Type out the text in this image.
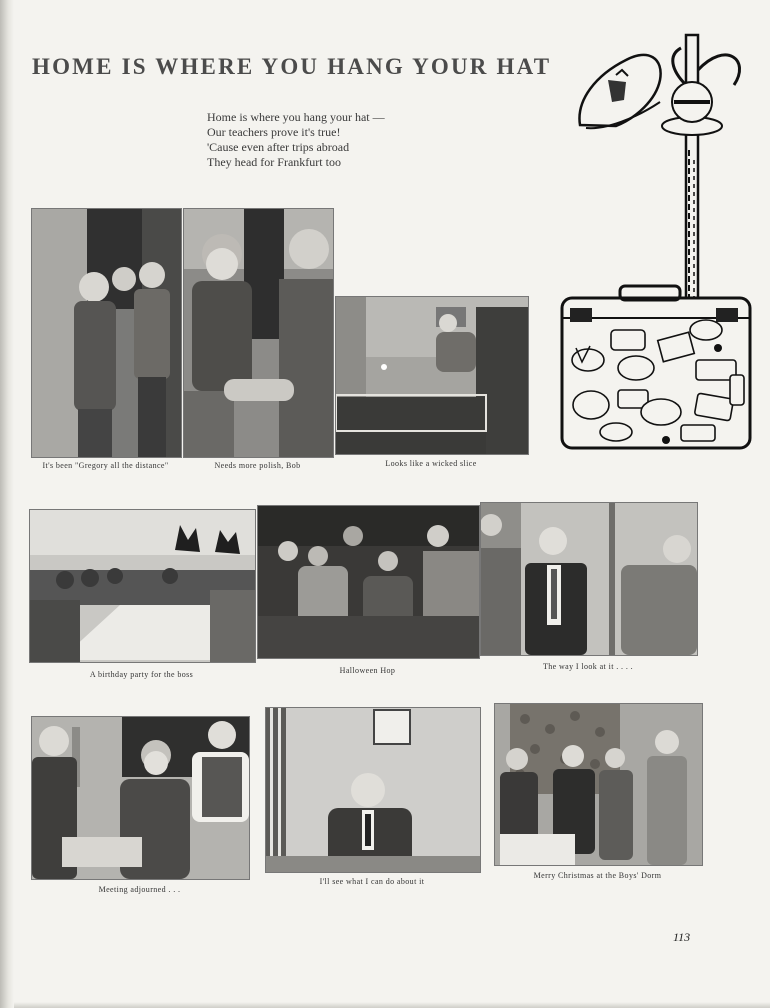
HOME IS WHERE YOU HANG YOUR HAT
Home is where you hang your hat —
Our teachers prove it's true!
'Cause even after trips abroad
They head for Frankfurt too
It's been "Gregory all the distance"	Needs more polish, Bob	Looks like a wicked slice
A birthday party for the boss	Halloween Hop	The way I look at it . . . .
Meeting adjourned . . .
I'll see what I can do about it
Merry Christmas at the Boys' Dorm
113
